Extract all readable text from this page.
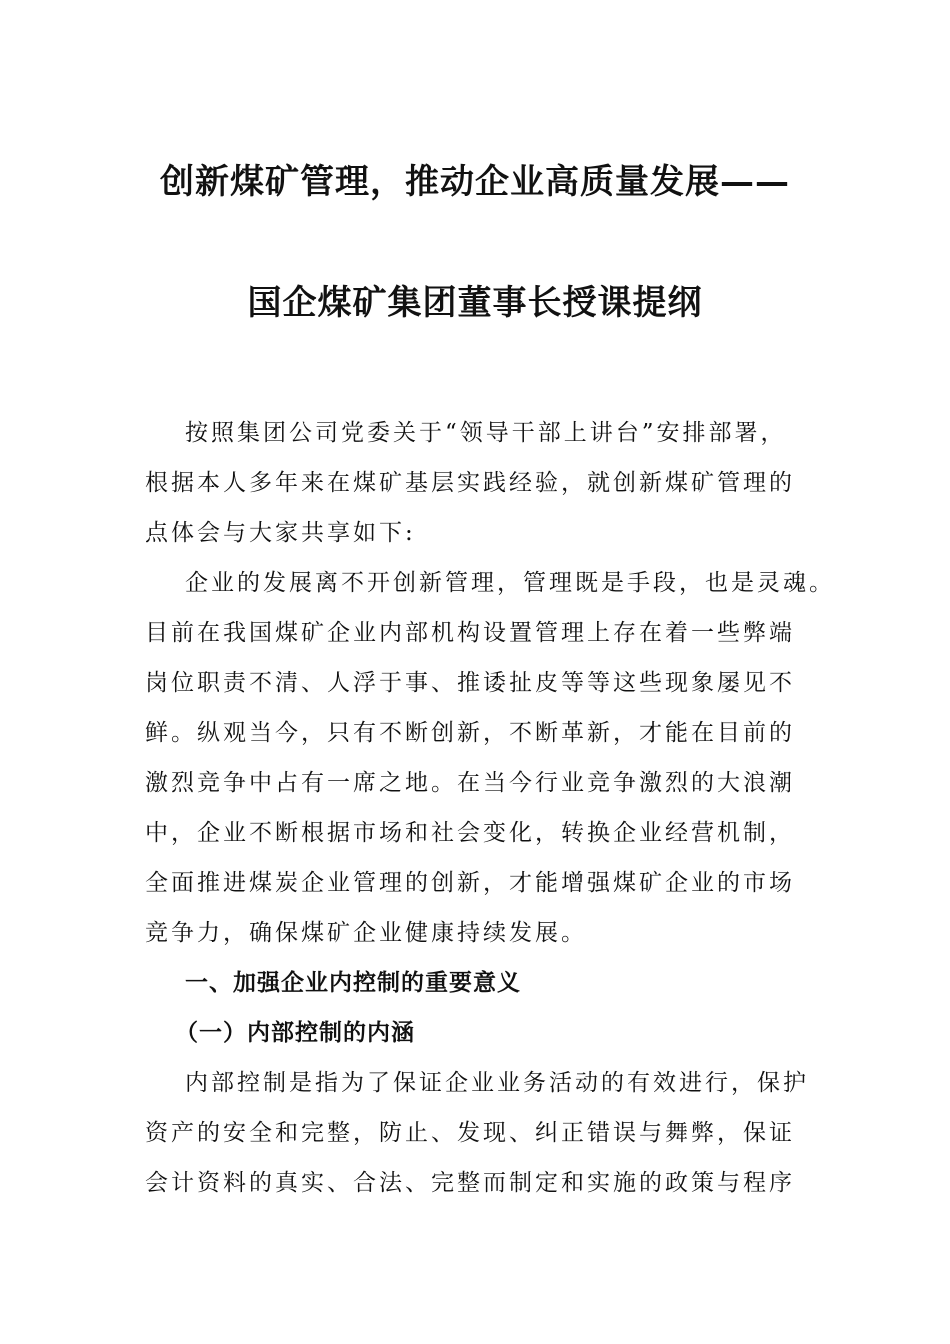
创新煤矿管理，推动企业高质量发展——
国企煤矿集团董事长授课提纲
按照集团公司党委关于“领导干部上讲台”安排部署，
根据本人多年来在煤矿基层实践经验，就创新煤矿管理的
点体会与大家共享如下:
企业的发展离不开创新管理，管理既是手段，也是灵魂。
目前在我国煤矿企业内部机构设置管理上存在着一些弊端
岗位职责不清、人浮于事、推诿扯皮等等这些现象屡见不
鲜。纵观当今，只有不断创新，不断革新，才能在目前的
激烈竞争中占有一席之地。在当今行业竞争激烈的大浪潮
中，企业不断根据市场和社会变化，转换企业经营机制，
全面推进煤炭企业管理的创新，才能增强煤矿企业的市场
竞争力，确保煤矿企业健康持续发展。
一、加强企业内控制的重要意义
（一）内部控制的内涵
内部控制是指为了保证企业业务活动的有效进行，保护
资产的安全和完整，防止、发现、纠正错误与舞弊，保证
会计资料的真实、合法、完整而制定和实施的政策与程序
